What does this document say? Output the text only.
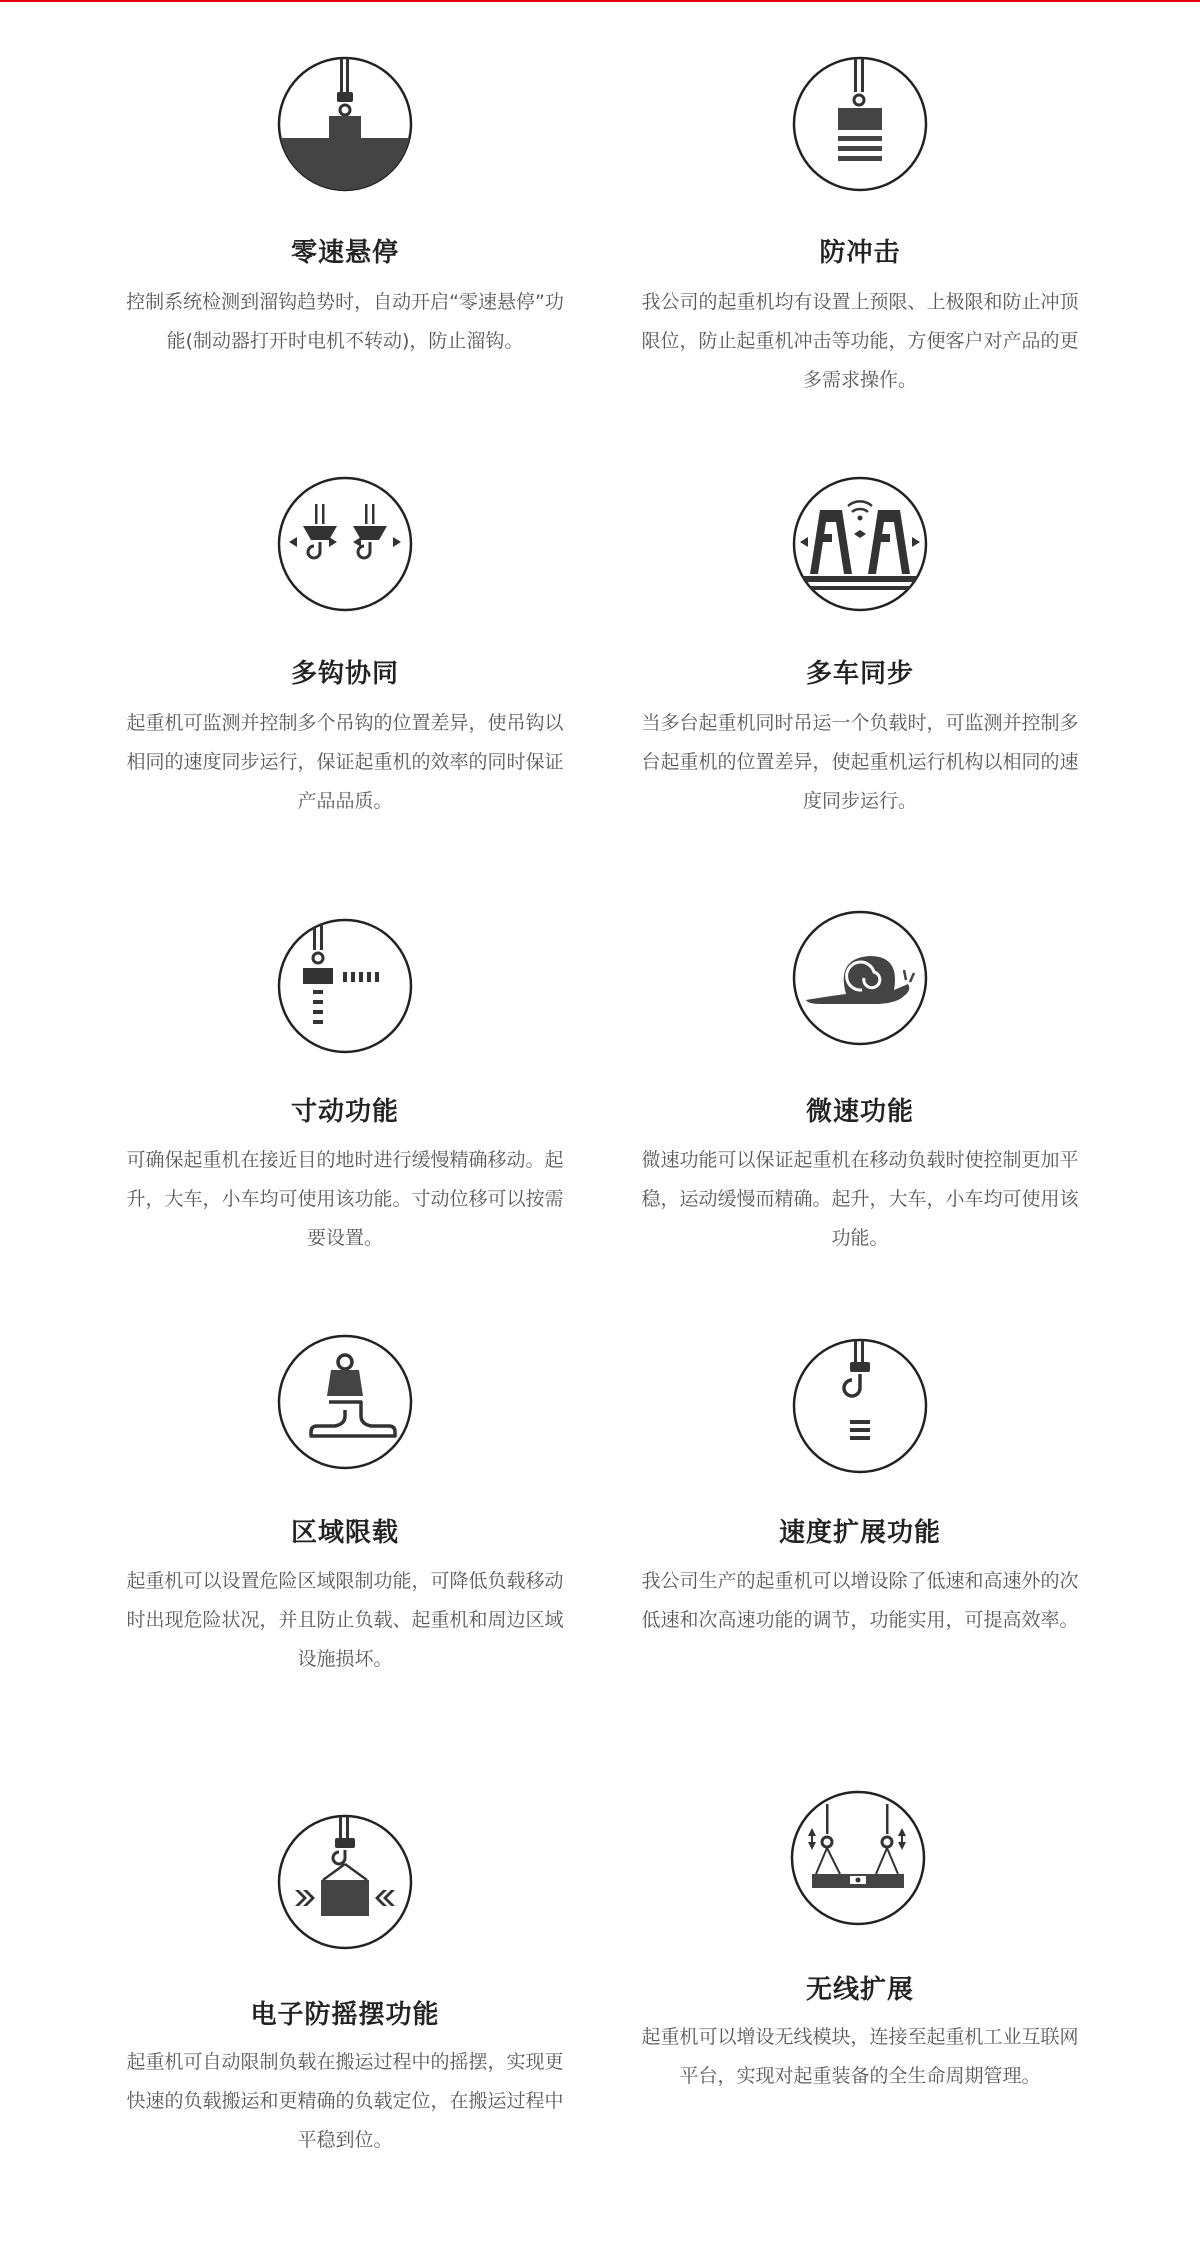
零速悬停
控制系统检测到溜钩趋势时，自动开启“零速悬停”功能(制动器打开时电机不转动)，防止溜钩。
防冲击
我公司的起重机均有设置上预限、上极限和防止冲顶限位，防止起重机冲击等功能，方便客户对产品的更多需求操作。
多钩协同
起重机可监测并控制多个吊钩的位置差异，使吊钩以相同的速度同步运行，保证起重机的效率的同时保证产品品质。
多车同步
当多台起重机同时吊运一个负载时，可监测并控制多台起重机的位置差异，使起重机运行机构以相同的速度同步运行。
寸动功能
可确保起重机在接近目的地时进行缓慢精确移动。起升，大车，小车均可使用该功能。寸动位移可以按需要设置。
微速功能
微速功能可以保证起重机在移动负载时使控制更加平稳，运动缓慢而精确。起升，大车，小车均可使用该功能。
区域限载
起重机可以设置危险区域限制功能，可降低负载移动时出现危险状况，并且防止负载、起重机和周边区域设施损坏。
速度扩展功能
我公司生产的起重机可以增设除了低速和高速外的次低速和次高速功能的调节，功能实用，可提高效率。
电子防摇摆功能
起重机可自动限制负载在搬运过程中的摇摆，实现更快速的负载搬运和更精确的负载定位，在搬运过程中平稳到位。
无线扩展
起重机可以增设无线模块，连接至起重机工业互联网平台，实现对起重装备的全生命周期管理。
